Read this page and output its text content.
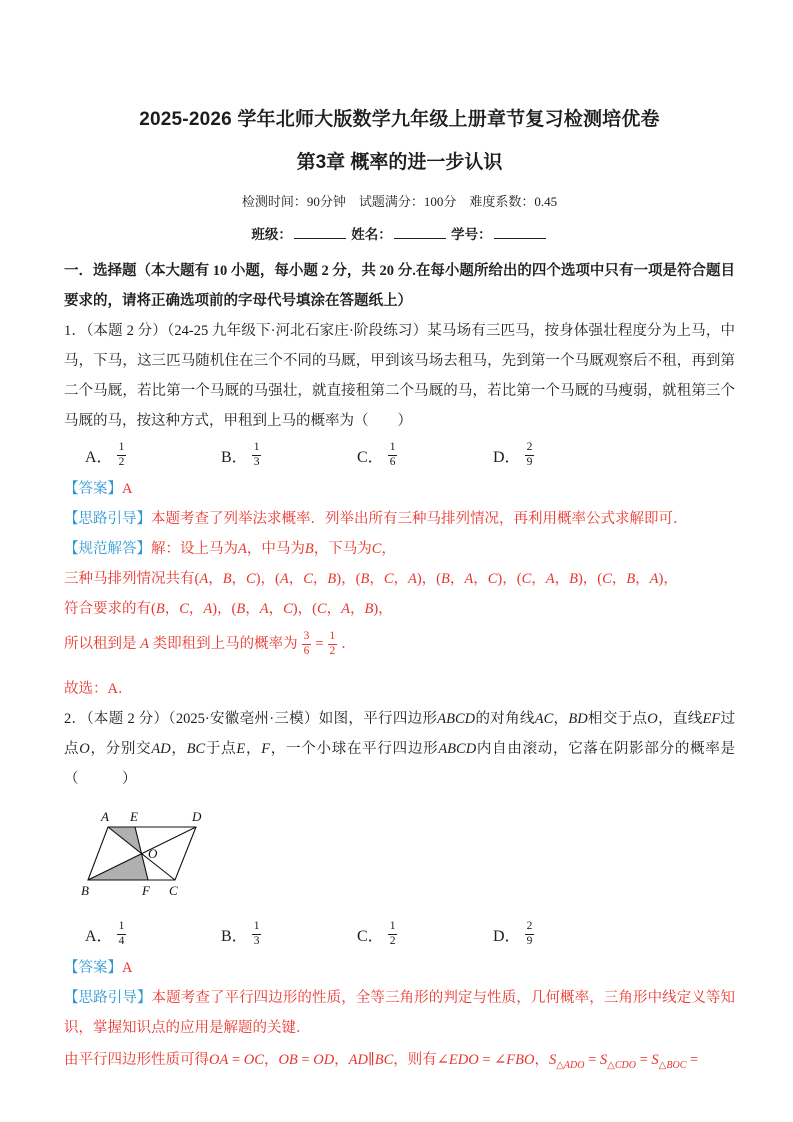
2025-2026 学年北师大版数学九年级上册章节复习检测培优卷
第3章 概率的进一步认识
检测时间：90分钟　试题满分：100分　难度系数：0.45
班级：	姓名：	学号：

一．选择题（本大题有 10 小题，每小题 2 分，共 20 分.在每小题所给出的四个选项中只有一项是符合题目要求的，请将正确选项前的字母代号填涂在答题纸上）

1．（本题 2 分）（24-25 九年级下·河北石家庄·阶段练习）某马场有三匹马，按身体强壮程度分为上马，中马，下马，这三匹马随机住在三个不同的马厩，甲到该马场去租马，先到第一个马厩观察后不租，再到第二个马厩，若比第一个马厩的马强壮，就直接租第二个马厩的马，若比第一个马厩的马瘦弱，就租第三个马厩的马，按这种方式，甲租到上马的概率为（　　）

A． $\frac{1}{2}$	B． $\frac{1}{3}$	C． $\frac{1}{6}$	D． $\frac{2}{9}$

【答案】A

【思路引导】本题考查了列举法求概率．列举出所有三种马排列情况，再利用概率公式求解即可．

【规范解答】解：设上马为A，中马为B，下马为C，

三种马排列情况共有(A，B，C)，(A，C，B)，(B，C，A)，(B，A，C)，(C，A，B)，(C，B，A)，

符合要求的有(B，C，A)，(B，A，C)，(C，A，B)，

所以租到是 A 类即租到上马的概率为 $\frac{3}{6} = \frac{1}{2}$ ．

故选：A．

2．（本题 2 分）（2025·安徽亳州·三模）如图，平行四边形ABCD的对角线AC，BD相交于点O，直线EF过点O，分别交AD，BC于点E，F，一个小球在平行四边形ABCD内自由滚动，它落在阴影部分的概率是（　　　）

A E	D
O
B	F C
A． $\frac{1}{4}$	B． $\frac{1}{3}$	C． $\frac{1}{2}$	D． $\frac{2}{9}$

【答案】A

【思路引导】本题考查了平行四边形的性质，全等三角形的判定与性质，几何概率，三角形中线定义等知识，掌握知识点的应用是解题的关键．

由平行四边形性质可得OA = OC，OB = OD，AD∥BC，则有∠EDO = ∠FBO，$S_{\triangle ADO} = S_{\triangle CDO} = S_{\triangle BOC}$ =
